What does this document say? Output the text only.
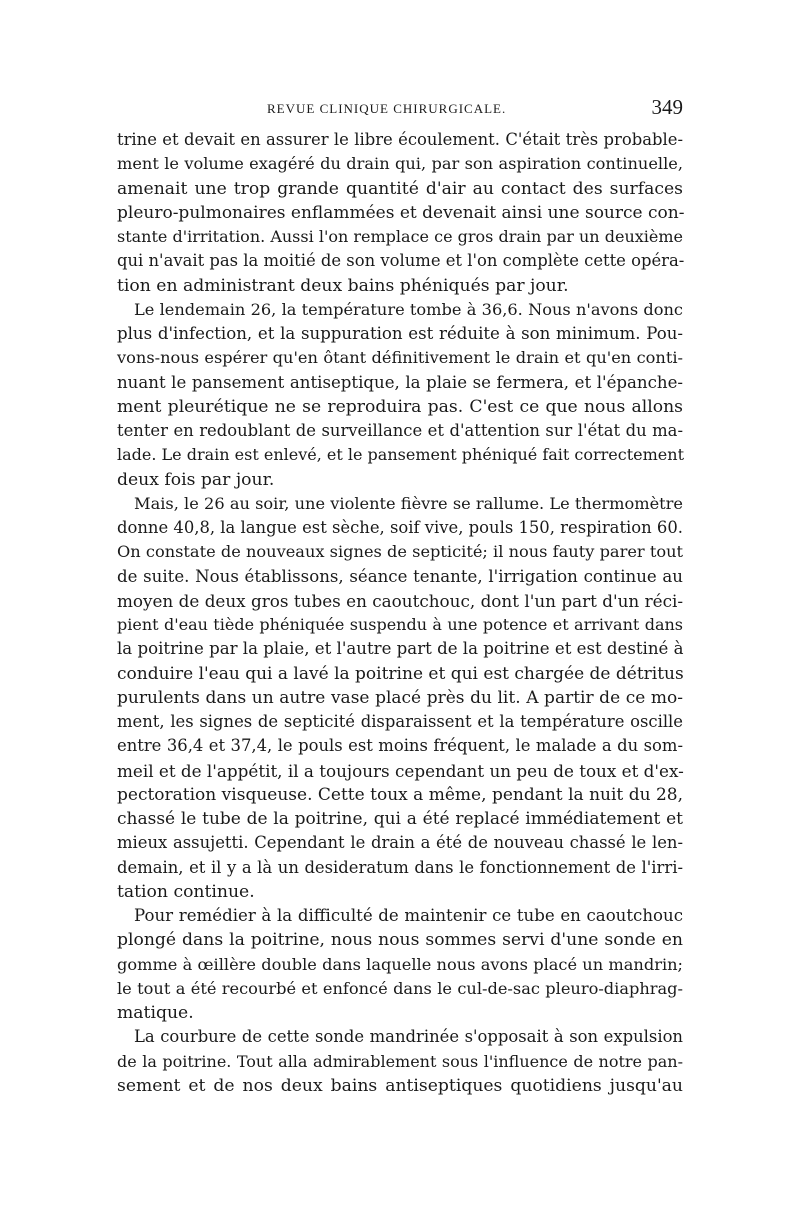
REVUE CLINIQUE CHIRURGICALE.	349
trine et devait en assurer le libre écoulement. C'était très probable-
ment le volume exagéré du drain qui, par son aspiration continuelle,
amenait une trop grande quantité d'air au contact des surfaces
pleuro-pulmonaires enflammées et devenait ainsi une source con-
stante d'irritation. Aussi l'on remplace ce gros drain par un deuxième
qui n'avait pas la moitié de son volume et l'on complète cette opéra-
tion en administrant deux bains phéniqués par jour.
Le lendemain 26, la température tombe à 36,6. Nous n'avons donc
plus d'infection, et la suppuration est réduite à son minimum. Pou-
vons-nous espérer qu'en ôtant définitivement le drain et qu'en conti-
nuant le pansement antiseptique, la plaie se fermera, et l'épanche-
ment pleurétique ne se reproduira pas. C'est ce que nous allons
tenter en redoublant de surveillance et d'attention sur l'état du ma-
lade. Le drain est enlevé, et le pansement phéniqué fait correctement
deux fois par jour.
Mais, le 26 au soir, une violente fièvre se rallume. Le thermomètre
donne 40,8, la langue est sèche, soif vive, pouls 150, respiration 60.
On constate de nouveaux signes de septicité; il nous fauty parer tout
de suite. Nous établissons, séance tenante, l'irrigation continue au
moyen de deux gros tubes en caoutchouc, dont l'un part d'un réci-
pient d'eau tiède phéniquée suspendu à une potence et arrivant dans
la poitrine par la plaie, et l'autre part de la poitrine et est destiné à
conduire l'eau qui a lavé la poitrine et qui est chargée de détritus
purulents dans un autre vase placé près du lit. A partir de ce mo-
ment, les signes de septicité disparaissent et la température oscille
entre 36,4 et 37,4, le pouls est moins fréquent, le malade a du som-
meil et de l'appétit, il a toujours cependant un peu de toux et d'ex-
pectoration visqueuse. Cette toux a même, pendant la nuit du 28,
chassé le tube de la poitrine, qui a été replacé immédiatement et
mieux assujetti. Cependant le drain a été de nouveau chassé le len-
demain, et il y a là un desideratum dans le fonctionnement de l'irri-
tation continue.
Pour remédier à la difficulté de maintenir ce tube en caoutchouc
plongé dans la poitrine, nous nous sommes servi d'une sonde en
gomme à œillère double dans laquelle nous avons placé un mandrin;
le tout a été recourbé et enfoncé dans le cul-de-sac pleuro-diaphrag-
matique.
La courbure de cette sonde mandrinée s'opposait à son expulsion
de la poitrine. Tout alla admirablement sous l'influence de notre pan-
sement et de nos deux bains antiseptiques quotidiens jusqu'au
